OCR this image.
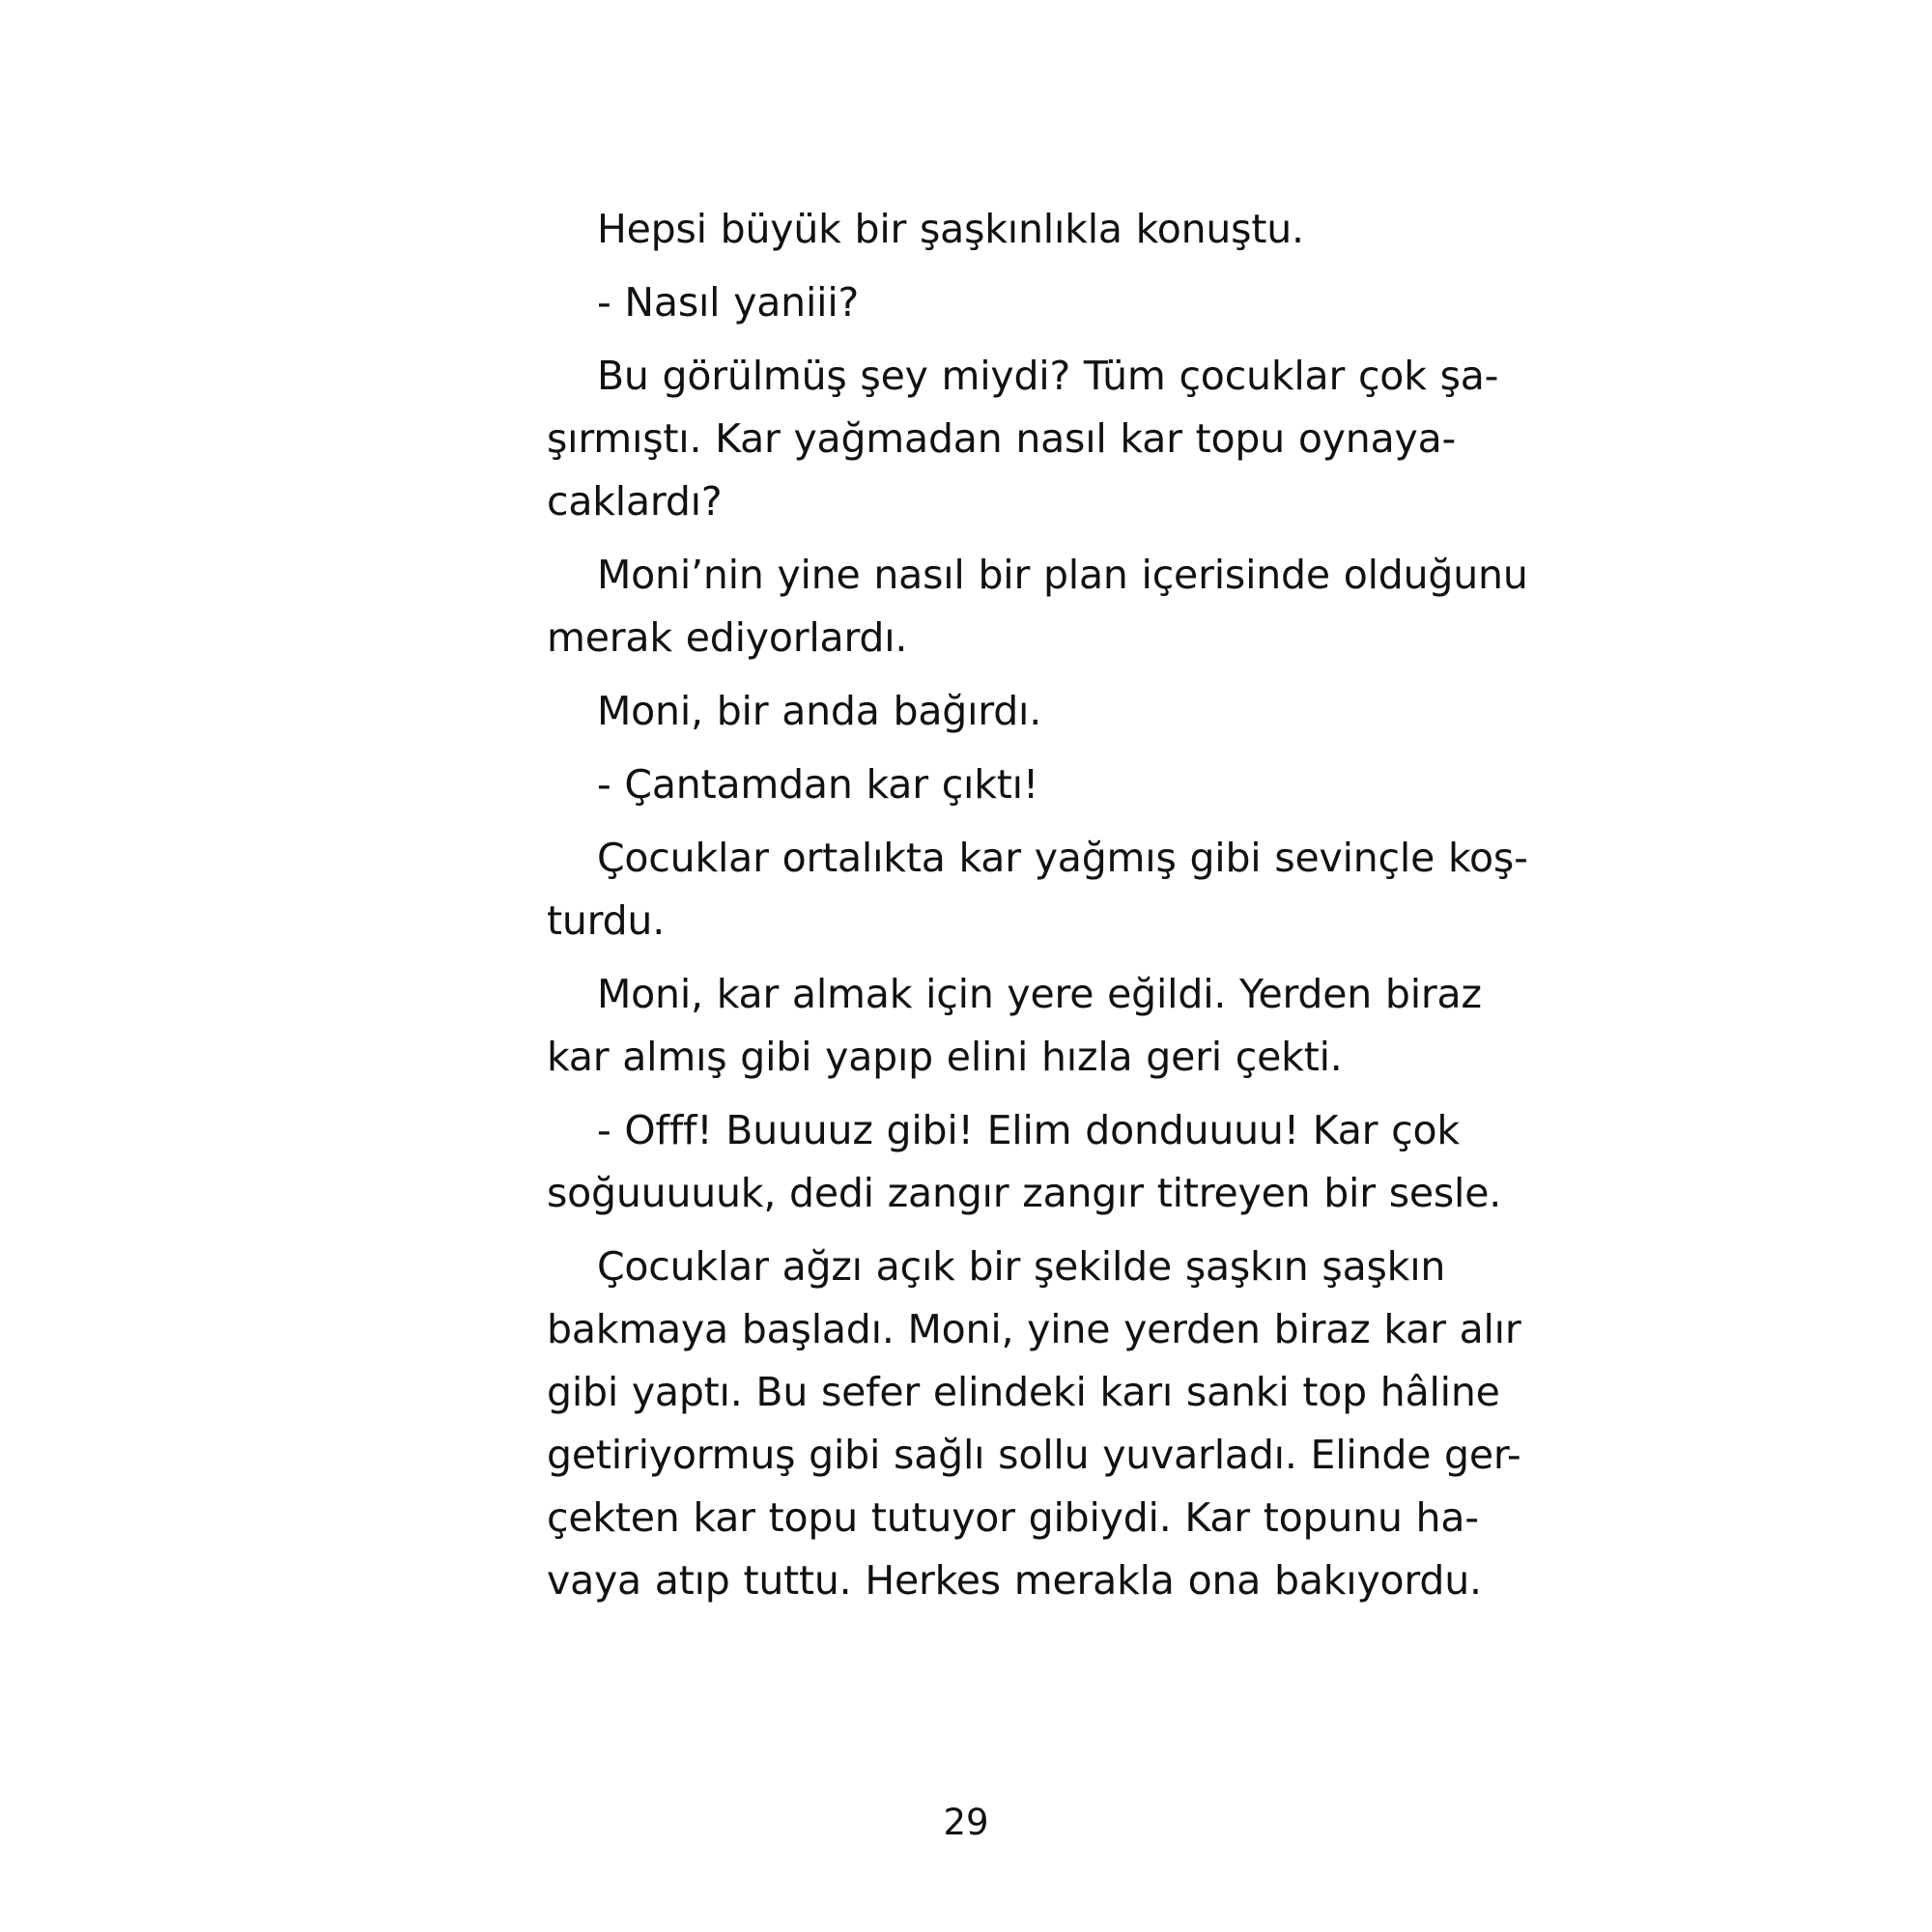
Hepsi büyük bir şaşkınlıkla konuştu.
- Nasıl yaniii?
Bu görülmüş şey miydi? Tüm çocuklar çok şa-
şırmıştı. Kar yağmadan nasıl kar topu oynaya-
caklardı?
Moni’nin yine nasıl bir plan içerisinde olduğunu
merak ediyorlardı.
Moni, bir anda bağırdı.
- Çantamdan kar çıktı!
Çocuklar ortalıkta kar yağmış gibi sevinçle koş-
turdu.
Moni, kar almak için yere eğildi. Yerden biraz
kar almış gibi yapıp elini hızla geri çekti.
- Offf! Buuuuz gibi! Elim donduuuu! Kar çok
soğuuuuuk, dedi zangır zangır titreyen bir sesle.
Çocuklar ağzı açık bir şekilde şaşkın şaşkın
bakmaya başladı. Moni, yine yerden biraz kar alır
gibi yaptı. Bu sefer elindeki karı sanki top hâline
getiriyormuş gibi sağlı sollu yuvarladı. Elinde ger-
çekten kar topu tutuyor gibiydi. Kar topunu ha-
vaya atıp tuttu. Herkes merakla ona bakıyordu.
29
